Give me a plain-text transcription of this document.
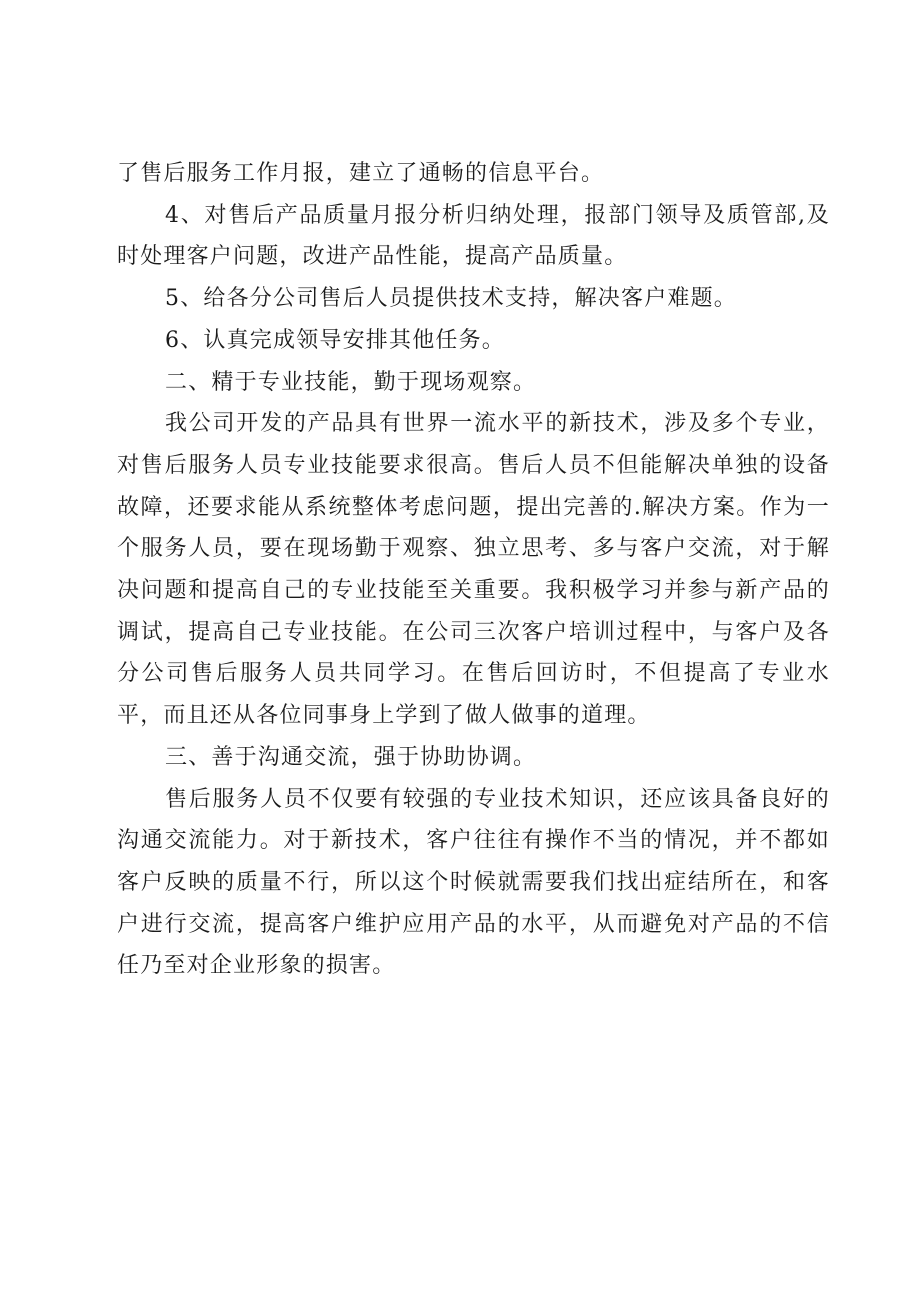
了售后服务工作月报，建立了通畅的信息平台。

4、对售后产品质量月报分析归纳处理，报部门领导及质管部,及时处理客户问题，改进产品性能，提高产品质量。

5、给各分公司售后人员提供技术支持，解决客户难题。

6、认真完成领导安排其他任务。

二、精于专业技能，勤于现场观察。

我公司开发的产品具有世界一流水平的新技术，涉及多个专业，对售后服务人员专业技能要求很高。售后人员不但能解决单独的设备故障，还要求能从系统整体考虑问题，提出完善的.解决方案。作为一个服务人员，要在现场勤于观察、独立思考、多与客户交流，对于解决问题和提高自己的专业技能至关重要。我积极学习并参与新产品的调试，提高自己专业技能。在公司三次客户培训过程中，与客户及各分公司售后服务人员共同学习。在售后回访时，不但提高了专业水平，而且还从各位同事身上学到了做人做事的道理。

三、善于沟通交流，强于协助协调。

售后服务人员不仅要有较强的专业技术知识，还应该具备良好的沟通交流能力。对于新技术，客户往往有操作不当的情况，并不都如客户反映的质量不行，所以这个时候就需要我们找出症结所在，和客户进行交流，提高客户维护应用产品的水平，从而避免对产品的不信任乃至对企业形象的损害。
